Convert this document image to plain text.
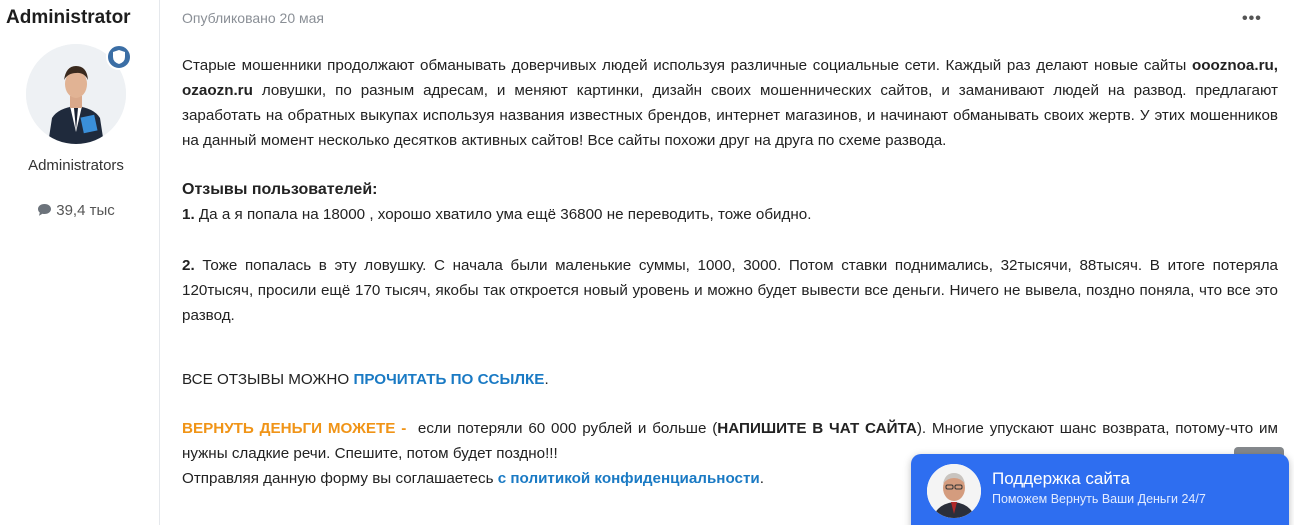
Administrator
Administrators
39,4 тыс
Опубликовано 20 мая	•••

Старые мошенники продолжают обманывать доверчивых людей используя различные социальные сети. Каждый раз делают новые сайты oooznoa.ru, ozaozn.ru ловушки, по разным адресам, и меняют картинки, дизайн своих мошеннических сайтов, и заманивают людей на развод. предлагают заработать на обратных выкупах используя названия известных брендов, интернет магазинов, и начинают обманывать своих жертв. У этих мошенников на данный момент несколько десятков активных сайтов! Все сайты похожи друг на друга по схеме развода.

Отзывы пользователей:

1. Да а я попала на 18000 , хорошо хватило ума ещё 36800 не переводить, тоже обидно.

2. Тоже попалась в эту ловушку. С начала были маленькие суммы, 1000, 3000. Потом ставки поднимались, 32тысячи, 88тысяч. В итоге потеряла 120тысяч, просили ещё 170 тысяч, якобы так откроется новый уровень и можно будет вывести все деньги. Ничего не вывела, поздно поняла, что все это развод.

ВСЕ ОТЗЫВЫ МОЖНО ПРОЧИТАТЬ ПО ССЫЛКЕ.

ВЕРНУТЬ ДЕНЬГИ МОЖЕТЕ -  если потеряли 60 000 рублей и больше (НАПИШИТЕ В ЧАТ САЙТА). Многие упускают шанс возврата, потому-что им нужны сладкие речи. Спешите, потом будет поздно!!!

Отправляя данную форму вы соглашаетесь с политикой конфиденциальности.	Поддержка сайта
Поможем Вернуть Ваши Деньги 24/7
